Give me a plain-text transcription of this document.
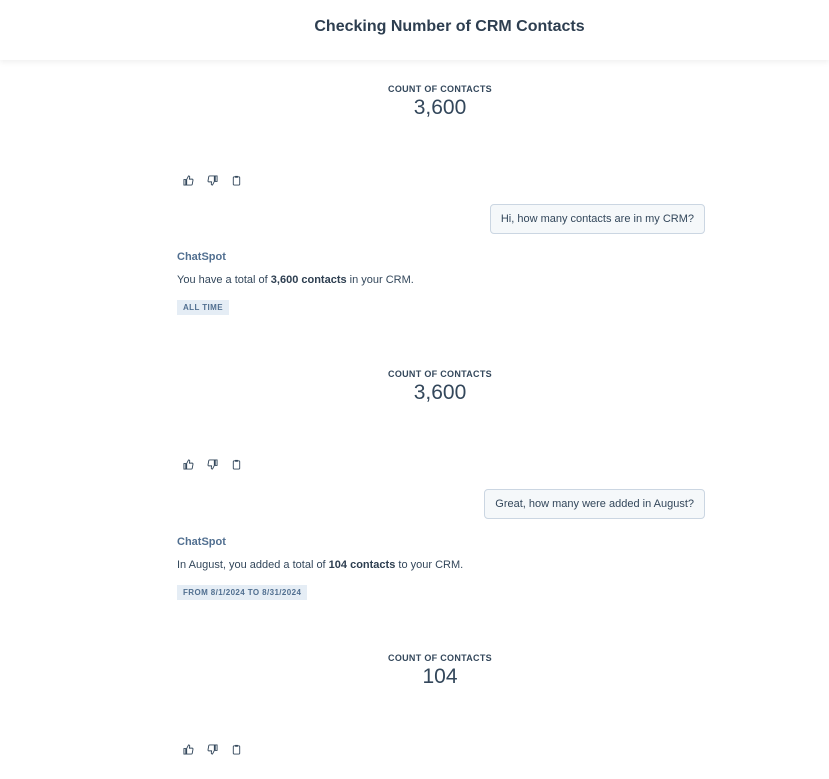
Checking Number of CRM Contacts
COUNT OF CONTACTS
3,600
Hi, how many contacts are in my CRM?
ChatSpot
You have a total of 3,600 contacts in your CRM.
ALL TIME
COUNT OF CONTACTS
3,600
Great, how many were added in August?
ChatSpot
In August, you added a total of 104 contacts to your CRM.
FROM 8/1/2024 TO 8/31/2024
COUNT OF CONTACTS
104
